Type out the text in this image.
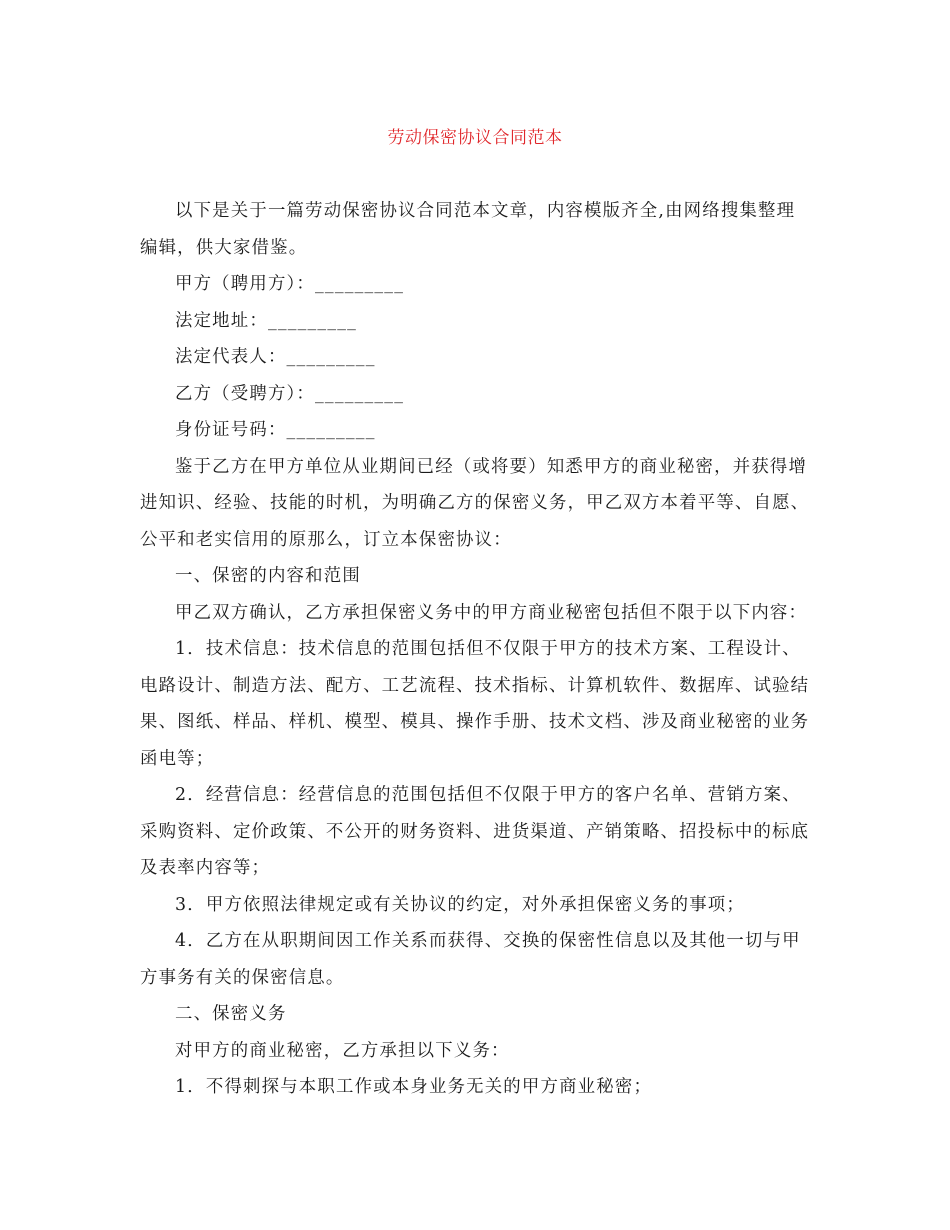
劳动保密协议合同范本

以下是关于一篇劳动保密协议合同范本文章，内容模版齐全,由网络搜集整理编辑，供大家借鉴。

甲方（聘用方）：_________

法定地址：_________

法定代表人：_________

乙方（受聘方）：_________

身份证号码：_________

鉴于乙方在甲方单位从业期间已经（或将要）知悉甲方的商业秘密，并获得增进知识、经验、技能的时机，为明确乙方的保密义务，甲乙双方本着平等、自愿、公平和老实信用的原那么，订立本保密协议：

一、保密的内容和范围

甲乙双方确认，乙方承担保密义务中的甲方商业秘密包括但不限于以下内容：

1．技术信息：技术信息的范围包括但不仅限于甲方的技术方案、工程设计、电路设计、制造方法、配方、工艺流程、技术指标、计算机软件、数据库、试验结果、图纸、样品、样机、模型、模具、操作手册、技术文档、涉及商业秘密的业务函电等；

2．经营信息：经营信息的范围包括但不仅限于甲方的客户名单、营销方案、采购资料、定价政策、不公开的财务资料、进货渠道、产销策略、招投标中的标底及表率内容等；

3．甲方依照法律规定或有关协议的约定，对外承担保密义务的事项；

4．乙方在从职期间因工作关系而获得、交换的保密性信息以及其他一切与甲方事务有关的保密信息。

二、保密义务

对甲方的商业秘密，乙方承担以下义务：

1．不得刺探与本职工作或本身业务无关的甲方商业秘密；
